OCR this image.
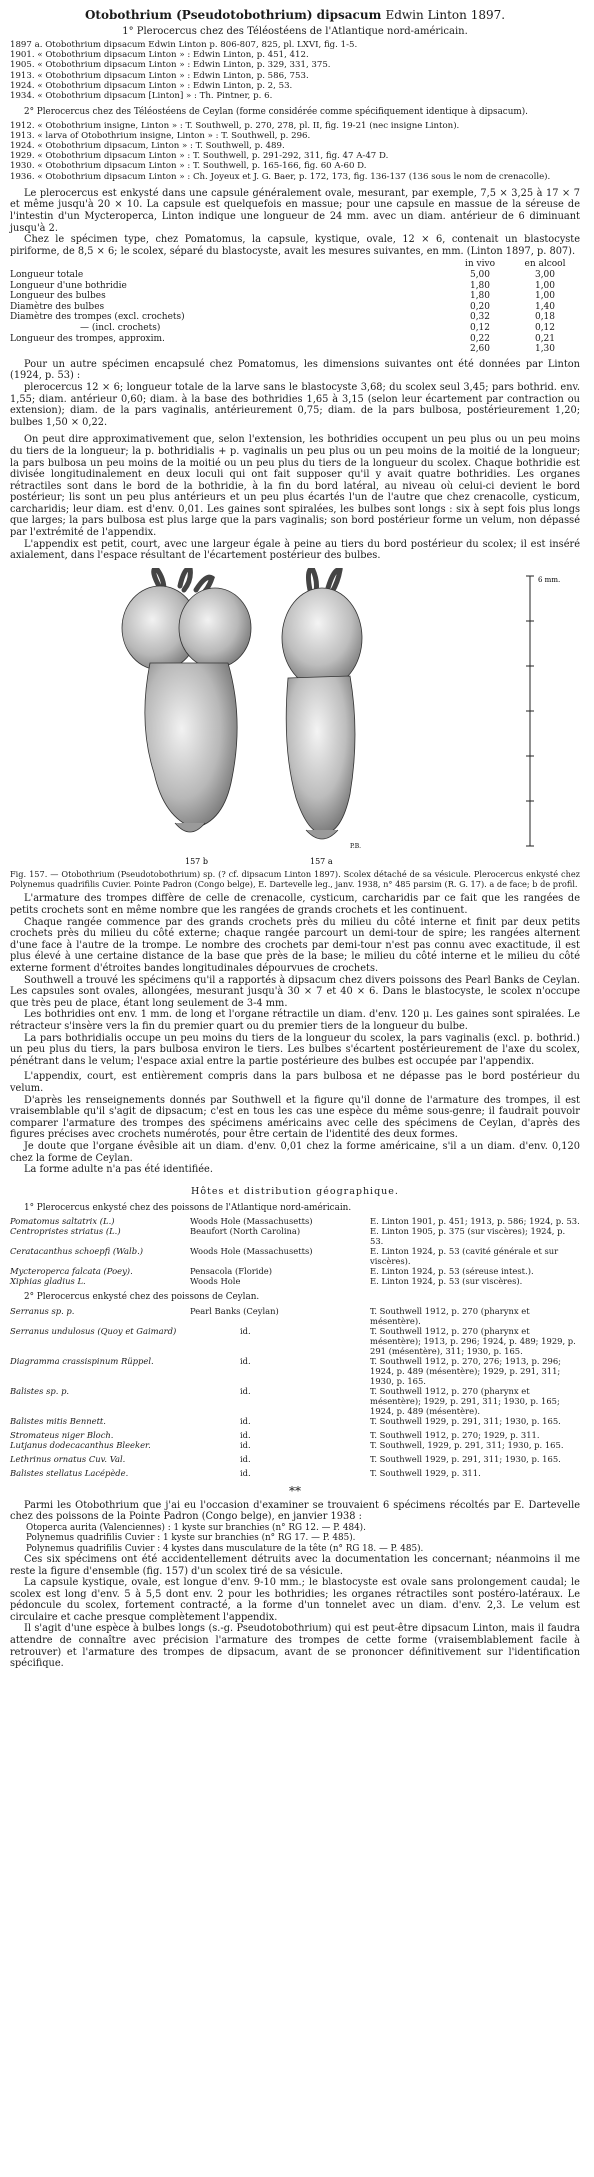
Otobothrium (Pseudotobothrium) dipsacum Edwin Linton 1897.
1° Plerocercus chez des Téléostéens de l'Atlantique nord-américain.
1897 a. Otobothrium dipsacum Edwin Linton p. 806-807, 825, pl. LXVI, fig. 1-5.
1901. « Otobothrium dipsacum Linton » : Edwin Linton, p. 451, 412.
1905. « Otobothrium dipsacum Linton » : Edwin Linton, p. 329, 331, 375.
1913. « Otobothrium dipsacum Linton » : Edwin Linton, p. 586, 753.
1924. « Otobothrium dipsacum Linton » : Edwin Linton, p. 2, 53.
1934. « Otobothrium dipsacum [Linton] » : Th. Pintner, p. 6.

2° Plerocercus chez des Téléostéens de Ceylan (forme considérée comme spécifiquement identique à dipsacum).

1912. « Otobothrium insigne, Linton » : T. Southwell, p. 270, 278, pl. II, fig. 19-21 (nec insigne Linton).
1913. « larva of Otobothrium insigne, Linton » : T. Southwell, p. 296.
1924. « Otobothrium dipsacum, Linton » : T. Southwell, p. 489.
1929. « Otobothrium dipsacum Linton » : T. Southwell, p. 291-292, 311, fig. 47 A-47 D.
1930. « Otobothrium dipsacum Linton » : T. Southwell, p. 165-166, fig. 60 A-60 D.
1936. « Otobothrium dipsacum Linton » : Ch. Joyeux et J. G. Baer, p. 172, 173, fig. 136-137 (136 sous le nom de crenacolle).

Le plerocercus est enkysté dans une capsule généralement ovale, mesurant, par exemple, 7,5 × 3,25 à 17 × 7 et même jusqu'à 20 × 10. La capsule est quelquefois en massue; pour une capsule en massue de la séreuse de l'intestin d'un Mycteroperca, Linton indique une longueur de 24 mm. avec un diam. antérieur de 6 diminuant jusqu'à 2.

Chez le spécimen type, chez Pomatomus, la capsule, kystique, ovale, 12 × 6, contenait un blastocyste piriforme, de 8,5 × 6; le scolex, séparé du blastocyste, avait les mesures suivantes, en mm. (Linton 1897, p. 807).

	in vivo	en alcool
Longueur totale	5,00	3,00
Longueur d'une bothridie	1,80	1,00
Longueur des bulbes	1,80	1,00
Diamètre des bulbes	0,20	1,40
Diamètre des trompes (excl. crochets)	0,32	0,18
— (incl. crochets)	0,12	0,12
Longueur des trompes, approxim.	0,22	0,21
	2,60	1,30

Pour un autre spécimen encapsulé chez Pomatomus, les dimensions suivantes ont été données par Linton (1924, p. 53) :

plerocercus 12 × 6; longueur totale de la larve sans le blastocyste 3,68; du scolex seul 3,45; pars bothrid. env. 1,55; diam. antérieur 0,60; diam. à la base des bothridies 1,65 à 3,15 (selon leur écartement par contraction ou extension); diam. de la pars vaginalis, antérieurement 0,75; diam. de la pars bulbosa, postérieurement 1,20; bulbes 1,50 × 0,22.

On peut dire approximativement que, selon l'extension, les bothridies occupent un peu plus ou un peu moins du tiers de la longueur; la p. bothridialis + p. vaginalis un peu plus ou un peu moins de la moitié de la longueur; la pars bulbosa un peu moins de la moitié ou un peu plus du tiers de la longueur du scolex. Chaque bothridie est divisée longitudinalement en deux loculi qui ont fait supposer qu'il y avait quatre bothridies. Les organes rétractiles sont dans le bord de la bothridie, à la fin du bord latéral, au niveau où celui-ci devient le bord postérieur; lis sont un peu plus antérieurs et un peu plus écartés l'un de l'autre que chez crenacolle, cysticum, carcharidis; leur diam. est d'env. 0,01. Les gaines sont spiralées, les bulbes sont longs : six à sept fois plus longs que larges; la pars bulbosa est plus large que la pars vaginalis; son bord postérieur forme un velum, non dépassé par l'extrémité de l'appendix.

L'appendix est petit, court, avec une largeur égale à peine au tiers du bord postérieur du scolex; il est inséré axialement, dans l'espace résultant de l'écartement postérieur des bulbes.

6 mm.
157 b	157 a
P.B.
Fig. 157. — Otobothrium (Pseudotobothrium) sp. (? cf. dipsacum Linton 1897). Scolex détaché de sa vésicule. Plerocercus enkysté chez Polynemus quadrifilis Cuvier. Pointe Padron (Congo belge), E. Dartevelle leg., janv. 1938, n° 485 parsim (R. G. 17). a de face; b de profil.

L'armature des trompes diffère de celle de crenacolle, cysticum, carcharidis par ce fait que les rangées de petits crochets sont en même nombre que les rangées de grands crochets et les continuent.

Chaque rangée commence par des grands crochets près du milieu du côté interne et finit par deux petits crochets près du milieu du côté externe; chaque rangée parcourt un demi-tour de spire; les rangées alternent d'une face à l'autre de la trompe. Le nombre des crochets par demi-tour n'est pas connu avec exactitude, il est plus élevé à une certaine distance de la base que près de la base; le milieu du côté interne et le milieu du côté externe forment d'étroites bandes longitudinales dépourvues de crochets.

Southwell a trouvé les spécimens qu'il a rapportés à dipsacum chez divers poissons des Pearl Banks de Ceylan. Les capsules sont ovales, allongées, mesurant jusqu'à 30 × 7 et 40 × 6. Dans le blastocyste, le scolex n'occupe que très peu de place, étant long seulement de 3-4 mm.

Les bothridies ont env. 1 mm. de long et l'organe rétractile un diam. d'env. 120 μ. Les gaines sont spiralées. Le rétracteur s'insère vers la fin du premier quart ou du premier tiers de la longueur du bulbe.

La pars bothridialis occupe un peu moins du tiers de la longueur du scolex, la pars vaginalis (excl. p. bothrid.) un peu plus du tiers, la pars bulbosa environ le tiers. Les bulbes s'écartent postérieurement de l'axe du scolex, pénétrant dans le velum; l'espace axial entre la partie postérieure des bulbes est occupée par l'appendix.

L'appendix, court, est entièrement compris dans la pars bulbosa et ne dépasse pas le bord postérieur du velum.

D'après les renseignements donnés par Southwell et la figure qu'il donne de l'armature des trompes, il est vraisemblable qu'il s'agit de dipsacum; c'est en tous les cas une espèce du même sous-genre; il faudrait pouvoir comparer l'armature des trompes des spécimens américains avec celle des spécimens de Ceylan, d'après des figures précises avec crochets numérotés, pour être certain de l'identité des deux formes.

Je doute que l'organe évêsible ait un diam. d'env. 0,01 chez la forme américaine, s'il a un diam. d'env. 0,120 chez la forme de Ceylan.

La forme adulte n'a pas été identifiée.

Hôtes et distribution géographique.

1° Plerocercus enkysté chez des poissons de l'Atlantique nord-américain.

Pomatomus saltatrix (L.)	Woods Hole (Massachusetts)	E. Linton 1901, p. 451; 1913, p. 586; 1924, p. 53.
Centropristes striatus (L.)	Beaufort (North Carolina)	E. Linton 1905, p. 375 (sur viscères); 1924, p. 53.
Ceratacanthus schoepfi (Walb.)	Woods Hole (Massachusetts)	E. Linton 1924, p. 53 (cavité générale et sur viscères).
Mycteroperca falcata (Poey).	Pensacola (Floride)	E. Linton 1924, p. 53 (séreuse intest.).
Xiphias gladius L.	Woods Hole	E. Linton 1924, p. 53 (sur viscères).

2° Plerocercus enkysté chez des poissons de Ceylan.

Serranus sp. p.	Pearl Banks (Ceylan)	T. Southwell 1912, p. 270 (pharynx et mésentère).
Serranus undulosus (Quoy et Gaimard)	id.	T. Southwell 1912, p. 270 (pharynx et mésentère); 1913, p. 296; 1924, p. 489; 1929, p. 291 (mésentère), 311; 1930, p. 165.
Diagramma crassispinum Rüppel.	id.	T. Southwell 1912, p. 270, 276; 1913, p. 296; 1924, p. 489 (mésentère); 1929, p. 291, 311; 1930, p. 165.
Balistes sp. p.	id.	T. Southwell 1912, p. 270 (pharynx et mésentère); 1929, p. 291, 311; 1930, p. 165; 1924, p. 489 (mésentère).
Balistes mitis Bennett.	id.	T. Southwell 1929, p. 291, 311; 1930, p. 165.
Stromateus niger Bloch.	id.	T. Southwell 1912, p. 270; 1929, p. 311.
Lutjanus dodecacanthus Bleeker.	id.	T. Southwell, 1929, p. 291, 311; 1930, p. 165.
Lethrinus ornatus Cuv. Val.	id.	T. Southwell 1929, p. 291, 311; 1930, p. 165.
Balistes stellatus Lacépède.	id.	T. Southwell 1929, p. 311.
**

Parmi les Otobothrium que j'ai eu l'occasion d'examiner se trouvaient 6 spécimens récoltés par E. Dartevelle chez des poissons de la Pointe Padron (Congo belge), en janvier 1938 :

Otoperca aurita (Valenciennes) : 1 kyste sur branchies (n° RG 12. — P. 484).

Polynemus quadrifilis Cuvier : 1 kyste sur branchies (n° RG 17. — P. 485).

Polynemus quadrifilis Cuvier : 4 kystes dans musculature de la tête (n° RG 18. — P. 485).

Ces six spécimens ont été accidentellement détruits avec la documentation les concernant; néanmoins il me reste la figure d'ensemble (fig. 157) d'un scolex tiré de sa vésicule.

La capsule kystique, ovale, est longue d'env. 9-10 mm.; le blastocyste est ovale sans prolongement caudal; le scolex est long d'env. 5 à 5,5 dont env. 2 pour les bothridies; les organes rétractiles sont postéro-latéraux. Le pédoncule du scolex, fortement contracté, a la forme d'un tonnelet avec un diam. d'env. 2,3. Le velum est circulaire et cache presque complètement l'appendix.

Il s'agit d'une espèce à bulbes longs (s.-g. Pseudotobothrium) qui est peut-être dipsacum Linton, mais il faudra attendre de connaître avec précision l'armature des trompes de cette forme (vraisemblablement facile à retrouver) et l'armature des trompes de dipsacum, avant de se prononcer définitivement sur l'identification spécifique.
